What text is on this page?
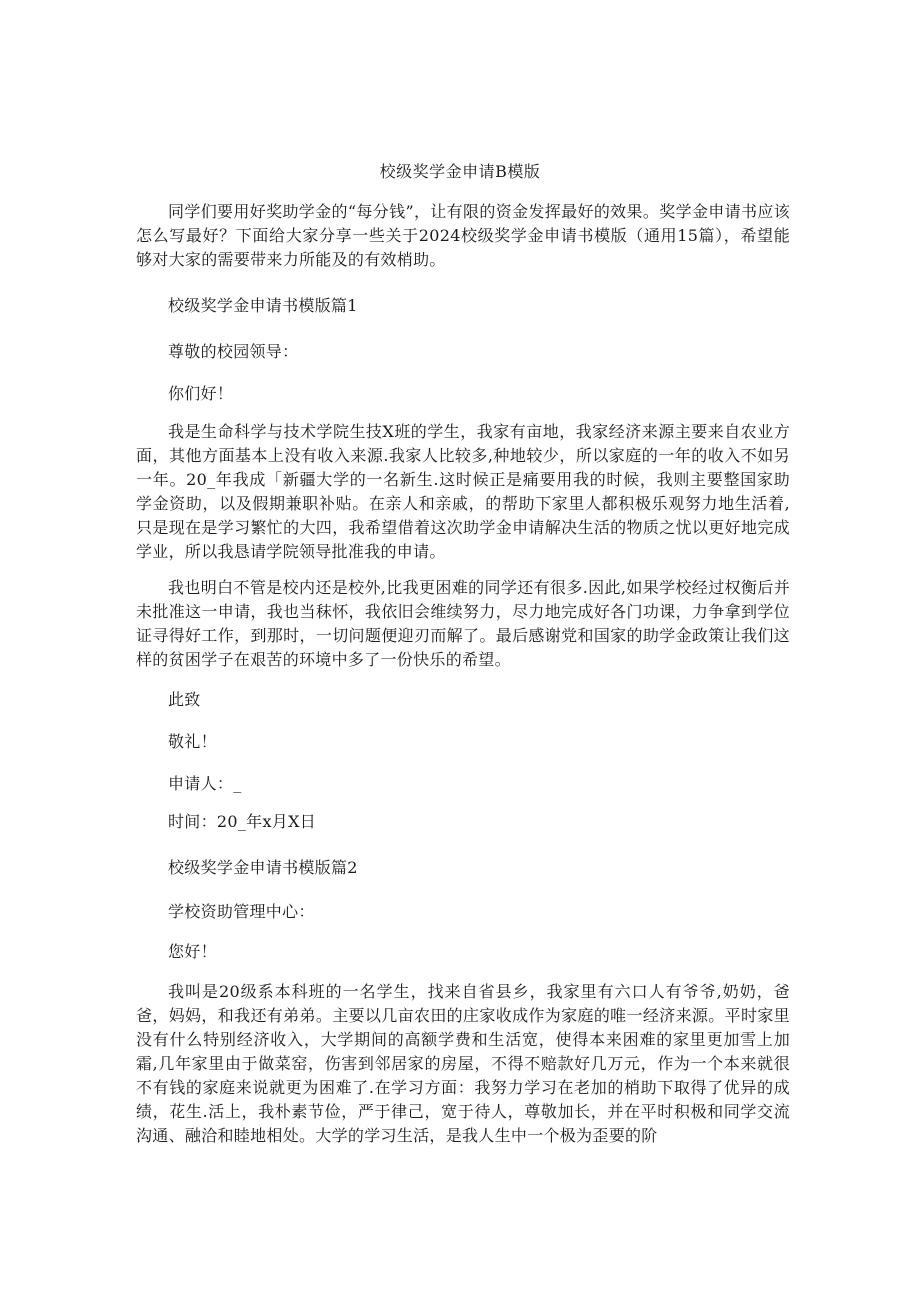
校级奖学金申请B模版

同学们要用好奖助学金的“每分钱”，让有限的资金发挥最好的效果。奖学金申请书应该怎么写最好？下面给大家分享一些关于2024校级奖学金申请书模版（通用15篇），希望能够对大家的需要带来力所能及的有效梢助。

校级奖学金申请书模版篇1

尊敬的校园领导：

你们好！

我是生命科学与技术学院生技X班的学生，我家有亩地，我家经济来源主要来自农业方面，其他方面基本上没有收入来源.我家人比较多,种地较少，所以家庭的一年的收入不如另一年。20_年我成「新疆大学的一名新生.这时候正是痛要用我的时候，我则主要整国家助学金资助，以及假期兼职补贴。在亲人和亲戚，的帮助下家里人都积极乐观努力地生活着,只是现在是学习繁忙的大四，我希望借着这次助学金申请解决生活的物质之忧以更好地完成学业，所以我恳请学院领导批准我的申请。

我也明白不管是校内还是校外,比我更困难的同学还有很多.因此,如果学校经过权衡后并未批准这一申请，我也当秣怀，我依旧会维续努力，尽力地完成好各门功课，力争拿到学位证寻得好工作，到那时，一切问题便迎刃而解了。最后感谢党和国家的助学金政策让我们这样的贫困学子在艰苦的环境中多了一份快乐的希望。

此致

敬礼！

申请人：_

时间：20_年x月X日

校级奖学金申请书模版篇2

学校资助管理中心：

您好！

我叫是20级系本科班的一名学生，找来自省县乡，我家里有六口人有爷爷,奶奶，爸爸，妈妈，和我还有弟弟。主要以几亩农田的庄家收成作为家庭的唯一经济来源。平时家里没有什么特别经济收入，大学期间的高额学费和生活宽，使得本来困难的家里更加雪上加霜,几年家里由于做菜窑，伤害到邻居家的房屋，不得不赔款好几万元，作为一个本来就很不有钱的家庭来说就更为困难了.在学习方面：我努力学习在老加的梢助下取得了优异的成绩，花生.活上，我朴素节俭，严于律己，宽于待人，尊敬加长，并在平时积极和同学交流沟通、融洽和睦地相处。大学的学习生活，是我人生中一个极为歪要的阶
